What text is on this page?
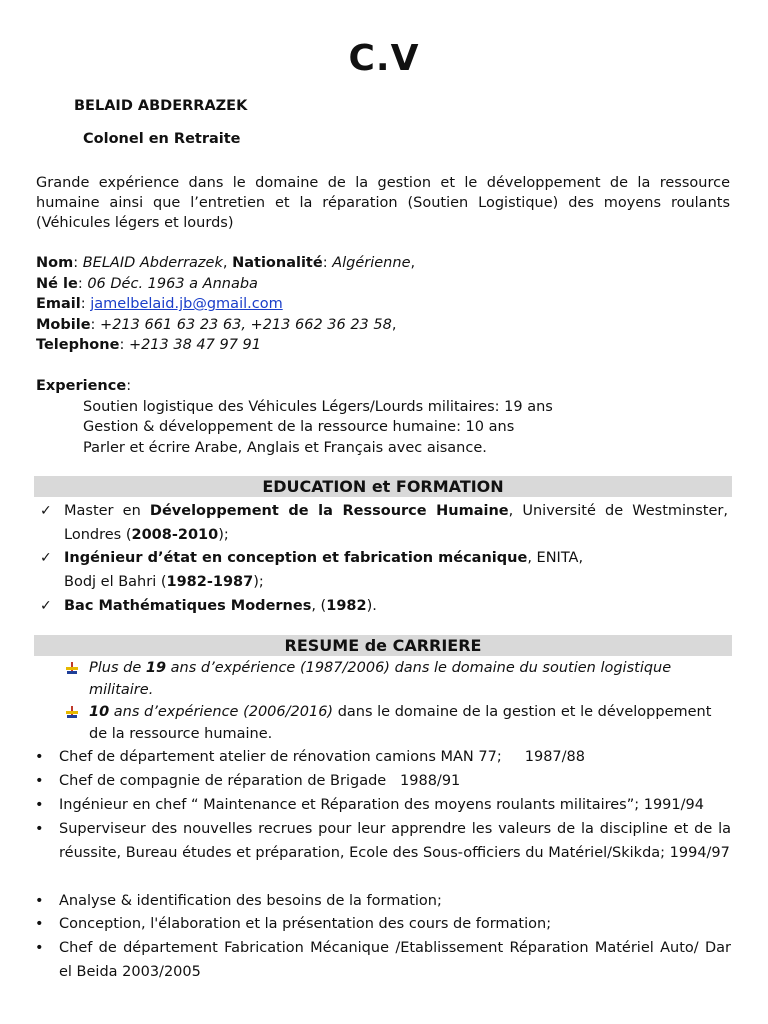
C.V
BELAID ABDERRAZEK
Colonel en Retraite
Grande expérience dans le domaine de la gestion et le développement de la ressource humaine ainsi que l’entretien et la réparation (Soutien Logistique) des moyens roulants (Véhicules légers et lourds)
Nom: BELAID Abderrazek, Nationalité: Algérienne,
Né le: 06 Déc. 1963 a Annaba
Email: jamelbelaid.jb@gmail.com
Mobile: +213 661 63 23 63, +213 662 36 23 58,
Telephone: +213 38 47 97 91
Experience:
Soutien logistique des Véhicules Légers/Lourds militaires: 19 ans
Gestion & développement de la ressource humaine: 10 ans
Parler et écrire Arabe, Anglais et Français avec aisance.
EDUCATION et FORMATION
✓ Master en Développement de la Ressource Humaine, Université de Westminster, Londres (2008-2010);
✓ Ingénieur d’état en conception et fabrication mécanique, ENITA,
Bodj el Bahri (1982-1987);
✓ Bac Mathématiques Modernes, (1982).
RESUME de CARRIERE
Plus de 19 ans d’expérience (1987/2006) dans le domaine du soutien logistique militaire.
10 ans d’expérience (2006/2016) dans le domaine de la gestion et le développement de la ressource humaine.
•	Chef de département atelier de rénovation camions MAN 77;     1987/88
•	Chef de compagnie de réparation de Brigade   1988/91
•	Ingénieur en chef “ Maintenance et Réparation des moyens roulants militaires”; 1991/94
•	Superviseur des nouvelles recrues pour leur apprendre les valeurs de la discipline et de la réussite, Bureau études et préparation, Ecole des Sous-officiers du Matériel/Skikda; 1994/97
•	Analyse & identification des besoins de la formation;
•	Conception, l'élaboration et la présentation des cours de formation;
•	Chef de département Fabrication Mécanique /Etablissement Réparation Matériel Auto/ Dar el Beida 2003/2005
